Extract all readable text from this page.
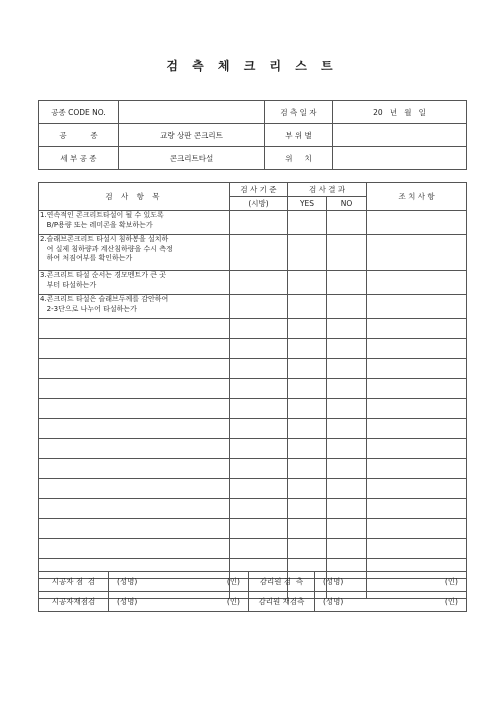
검 측 체 크 리 스 트
공종 CODE NO.		검 측 일 자	20   년   월   일
공          종	교량 상판 콘크리트	부 위 별	
세 부 공 종	콘크리트타설	위     치	
검 사 항 목	검 사 기 준	검 사 결 과		조 치 사 항
	(시방)	YES	NO	
1.연속적인 콘크리트타설이 될 수 있도록
B/P용량 또는 레미콘을 확보하는가				
2.슬래브콘크리트 타설시 침하봉을 설치하
여 실제 침하량과 계산침하량을 수시 측정
하여 처짐여부를 확인하는가				
3.콘크리트 타설 순서는 경모멘트가 큰 곳
부터 타설하는가				
4.콘크리트 타설은 슬래브두께를 감안하여
2-3단으로 나누어 타설하는가				

시공자 점  검	(성명) (인)	감리원 검  측	(성명) (인)

시공자재점검	(성명) (인)	감리원 재검측	(성명) (인)
